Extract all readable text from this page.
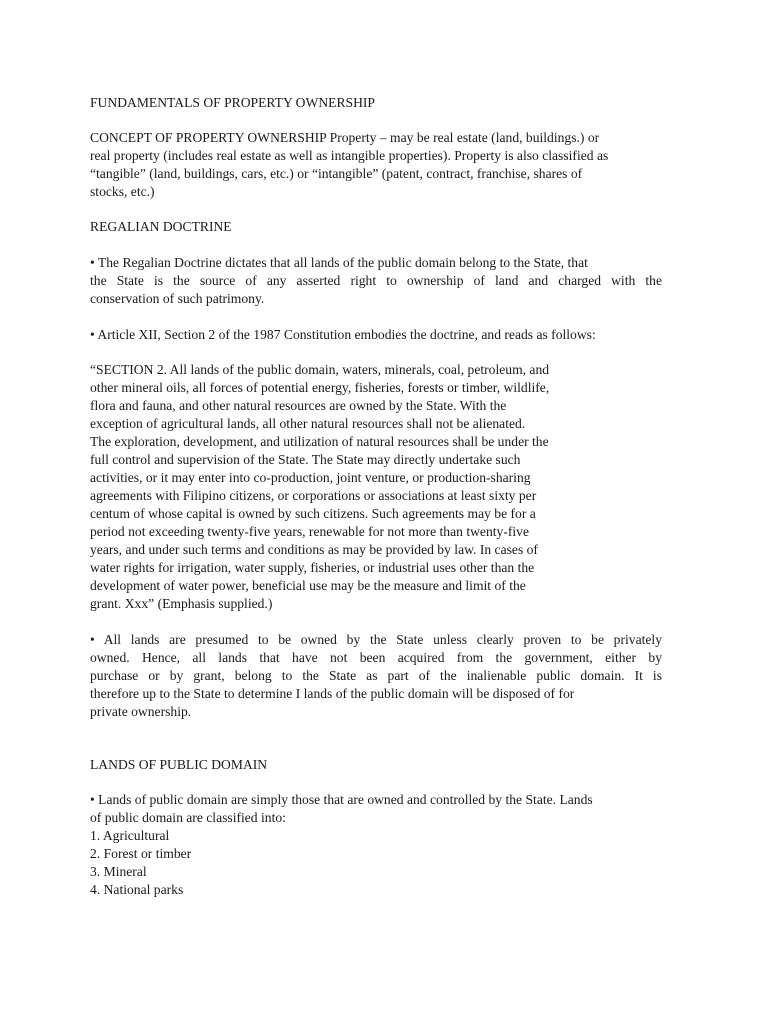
FUNDAMENTALS OF PROPERTY OWNERSHIP
CONCEPT OF PROPERTY OWNERSHIP Property – may be real estate (land, buildings.) or
real property (includes real estate as well as intangible properties). Property is also classified as
“tangible” (land, buildings, cars, etc.) or “intangible” (patent, contract, franchise, shares of
stocks, etc.)
REGALIAN DOCTRINE
• The Regalian Doctrine dictates that all lands of the public domain belong to the State, that
the State is the source of any asserted right to ownership of land and charged with the
conservation of such patrimony.
• Article XII, Section 2 of the 1987 Constitution embodies the doctrine, and reads as follows:
“SECTION 2. All lands of the public domain, waters, minerals, coal, petroleum, and
other mineral oils, all forces of potential energy, fisheries, forests or timber, wildlife,
flora and fauna, and other natural resources are owned by the State. With the
exception of agricultural lands, all other natural resources shall not be alienated.
The exploration, development, and utilization of natural resources shall be under the
full control and supervision of the State. The State may directly undertake such
activities, or it may enter into co-production, joint venture, or production-sharing
agreements with Filipino citizens, or corporations or associations at least sixty per
centum of whose capital is owned by such citizens. Such agreements may be for a
period not exceeding twenty-five years, renewable for not more than twenty-five
years, and under such terms and conditions as may be provided by law. In cases of
water rights for irrigation, water supply, fisheries, or industrial uses other than the
development of water power, beneficial use may be the measure and limit of the
grant. Xxx” (Emphasis supplied.)
• All lands are presumed to be owned by the State unless clearly proven to be privately
owned. Hence, all lands that have not been acquired from the government, either by
purchase or by grant, belong to the State as part of the inalienable public domain. It is
therefore up to the State to determine I lands of the public domain will be disposed of for
private ownership.
LANDS OF PUBLIC DOMAIN
• Lands of public domain are simply those that are owned and controlled by the State. Lands
of public domain are classified into:
1. Agricultural
2. Forest or timber
3. Mineral
4. National parks
